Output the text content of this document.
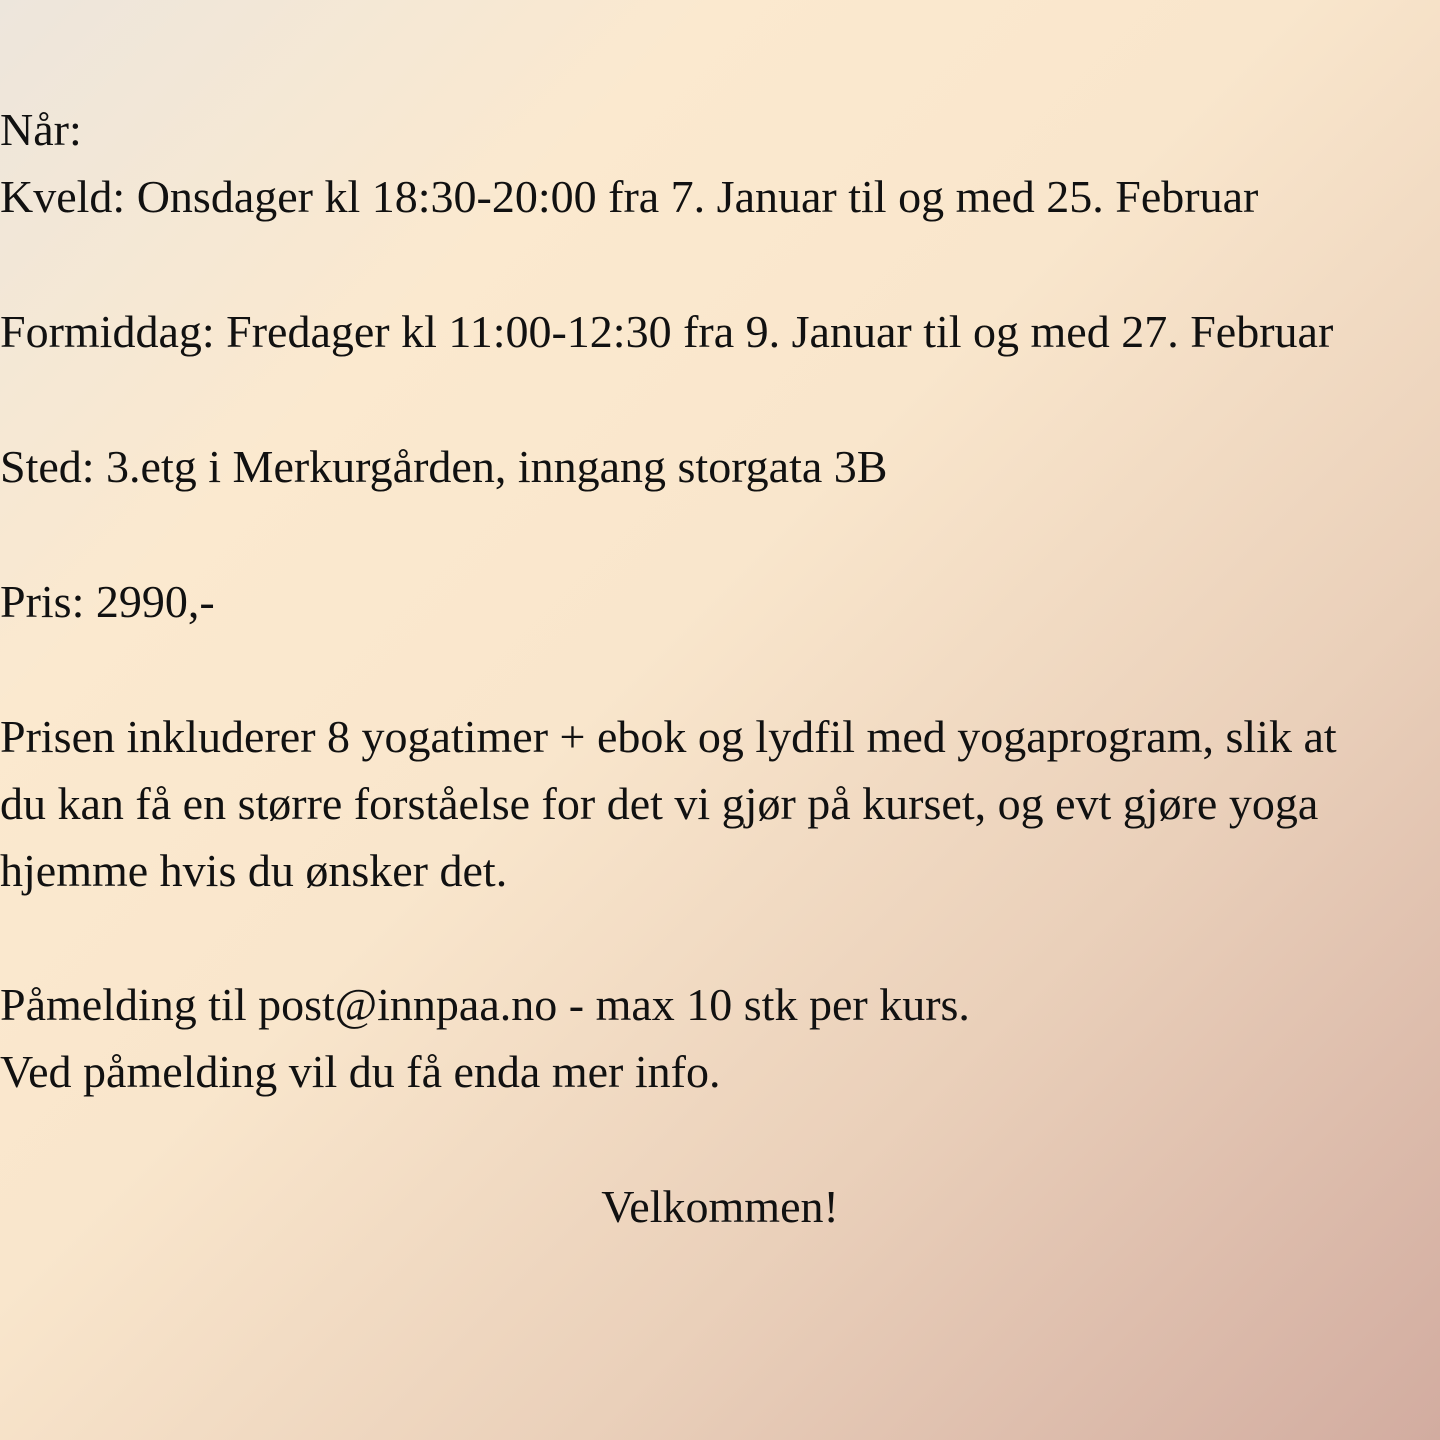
Når:
Kveld: Onsdager kl 18:30-20:00 fra 7. Januar til og med 25. Februar
Formiddag: Fredager kl 11:00-12:30 fra 9. Januar til og med 27. Februar
Sted: 3.etg i Merkurgården, inngang storgata 3B
Pris: 2990,-
Prisen inkluderer 8 yogatimer + ebok og lydfil med yogaprogram, slik at
du kan få en større forståelse for det vi gjør på kurset, og evt gjøre yoga
hjemme hvis du ønsker det.
Påmelding til post@innpaa.no - max 10 stk per kurs.
Ved påmelding vil du få enda mer info.
Velkommen!
